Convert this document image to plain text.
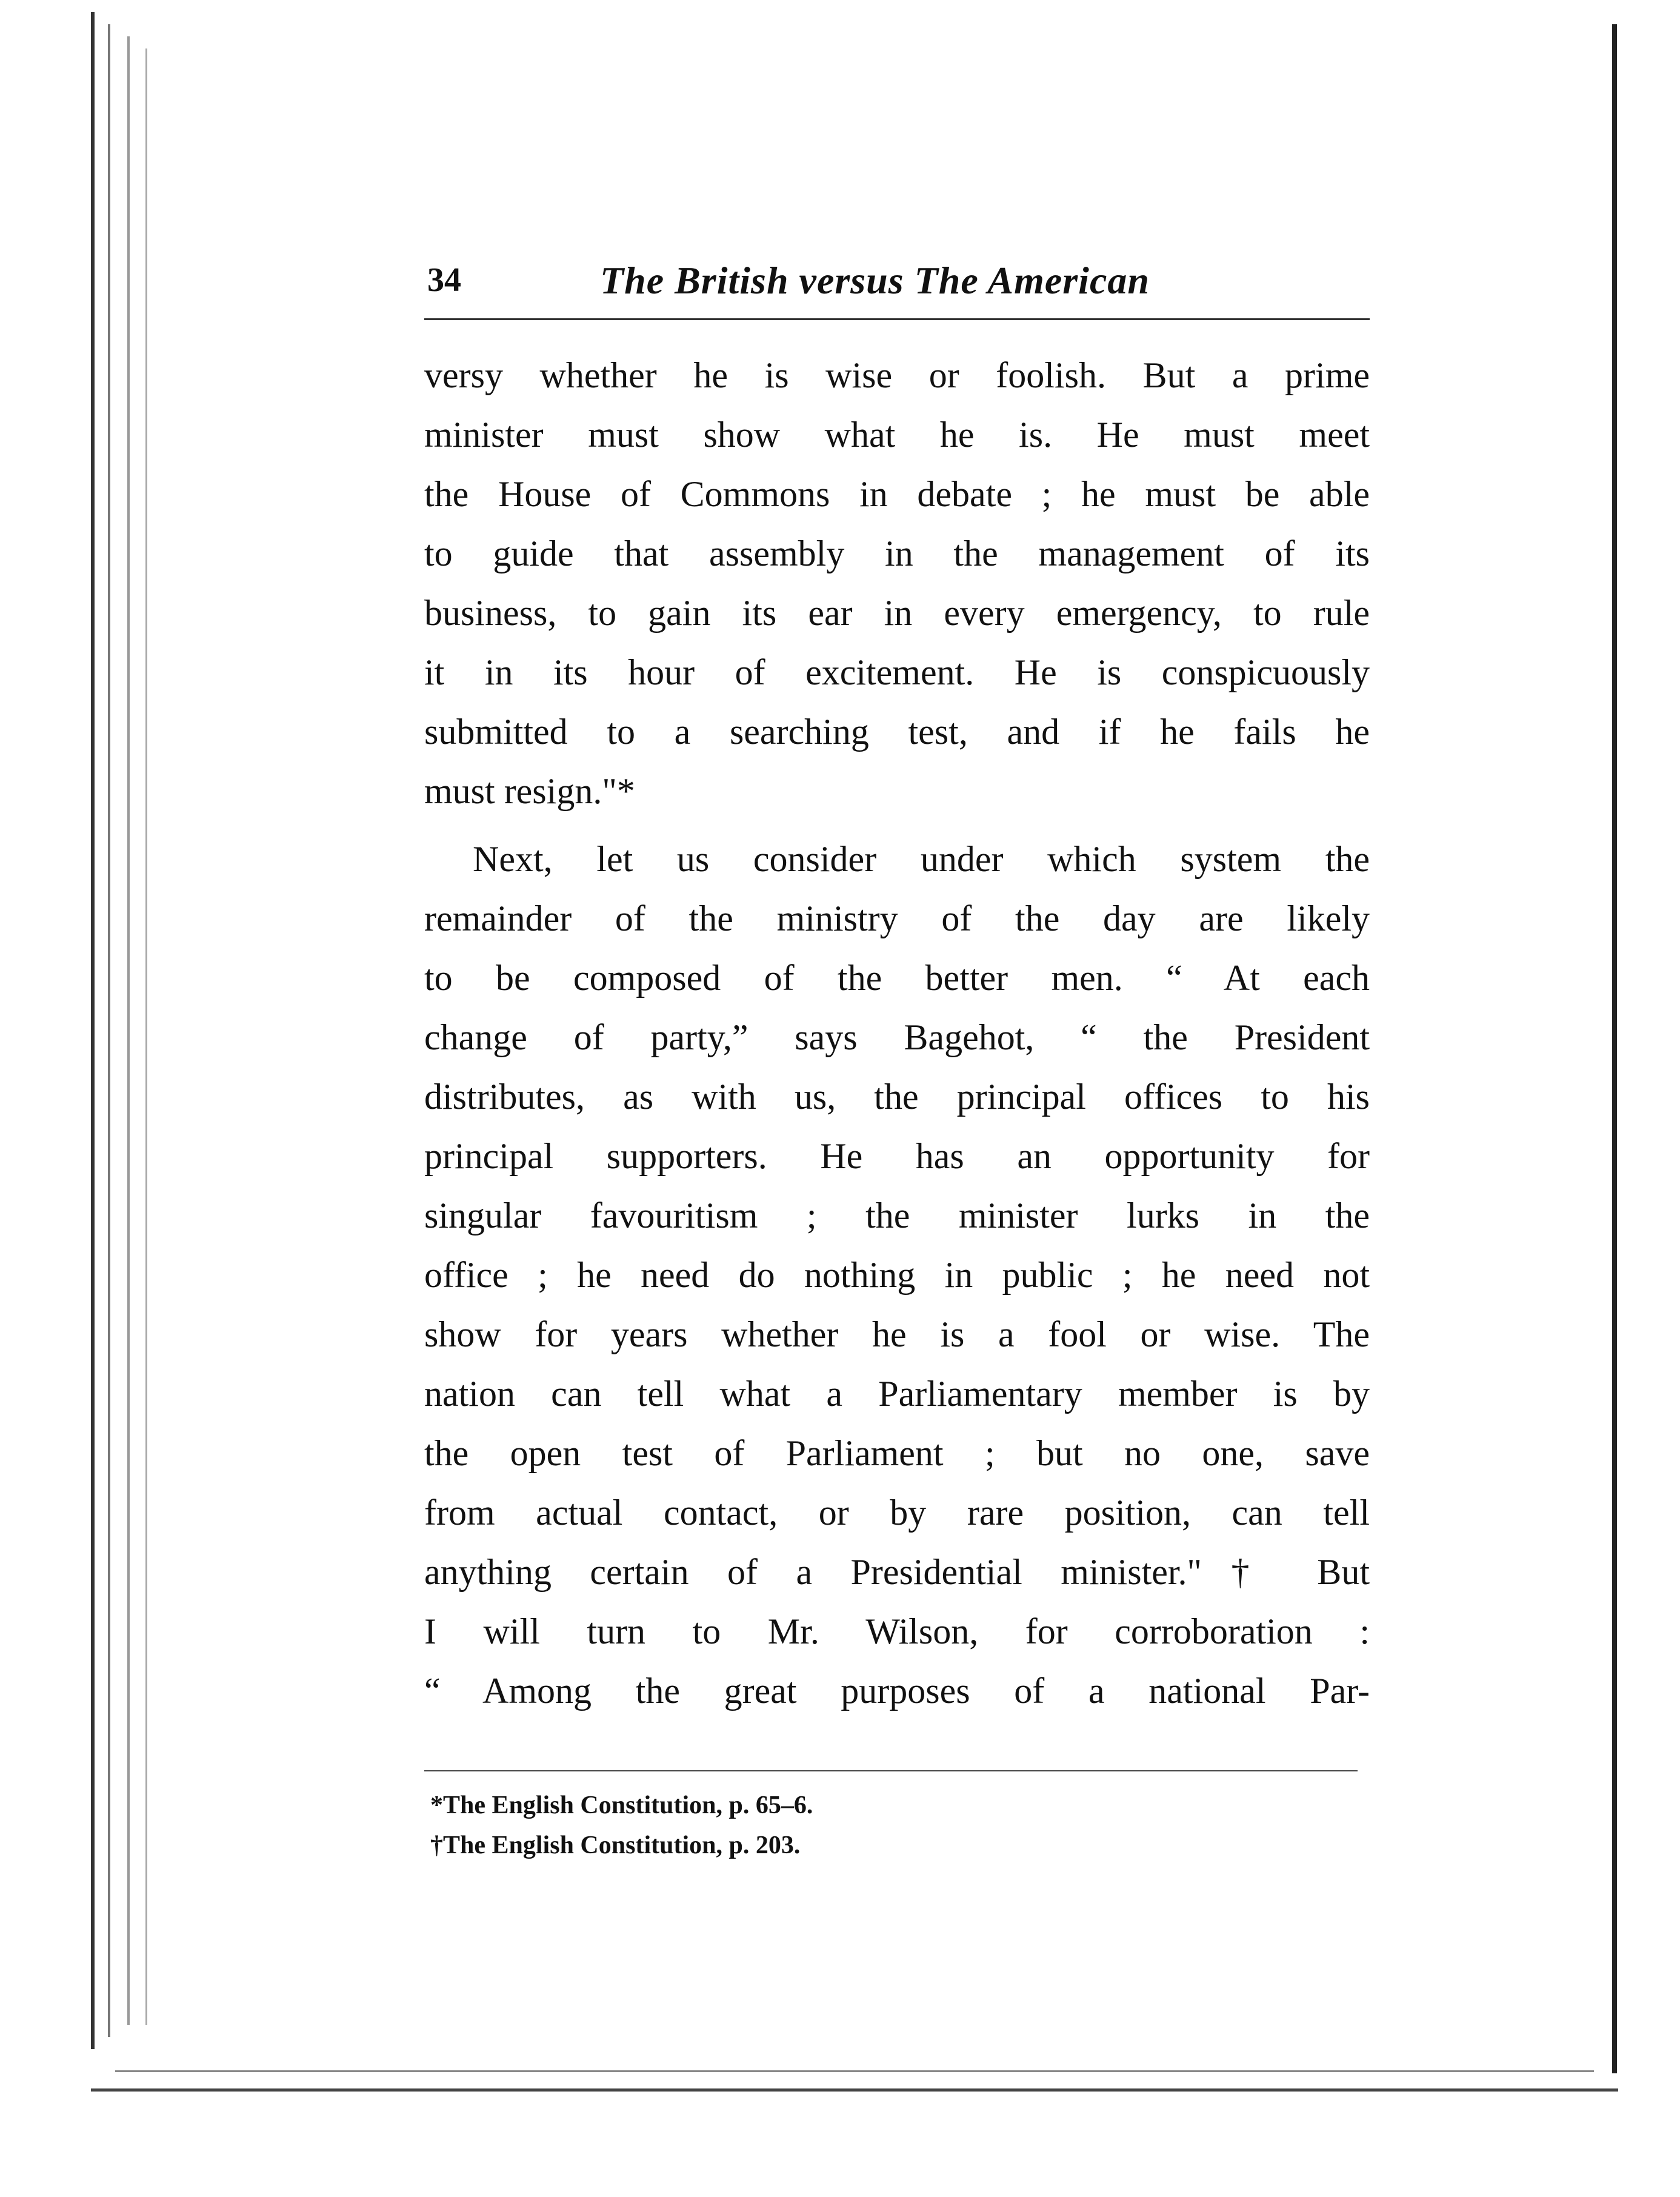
34	The British versus The American
versy whether he is wise or foolish. But a prime
minister must show what he is. He must meet
the House of Commons in debate ; he must be able
to guide that assembly in the management of its
business, to gain its ear in every emergency, to rule
it in its hour of excitement. He is conspicuously
submitted to a searching test, and if he fails he
must resign."*
Next, let us consider under which system the
remainder of the ministry of the day are likely
to be composed of the better men. “ At each
change of party,” says Bagehot, “ the President
distributes, as with us, the principal offices to his
principal supporters. He has an opportunity for
singular favouritism ; the minister lurks in the
office ; he need do nothing in public ; he need not
show for years whether he is a fool or wise. The
nation can tell what a Parliamentary member is by
the open test of Parliament ; but no one, save
from actual contact, or by rare position, can tell
anything certain of a Presidential minister."† But
I will turn to Mr. Wilson, for corroboration :
“ Among the great purposes of a national Par-
*The English Constitution, p. 65–6.
†The English Constitution, p. 203.
